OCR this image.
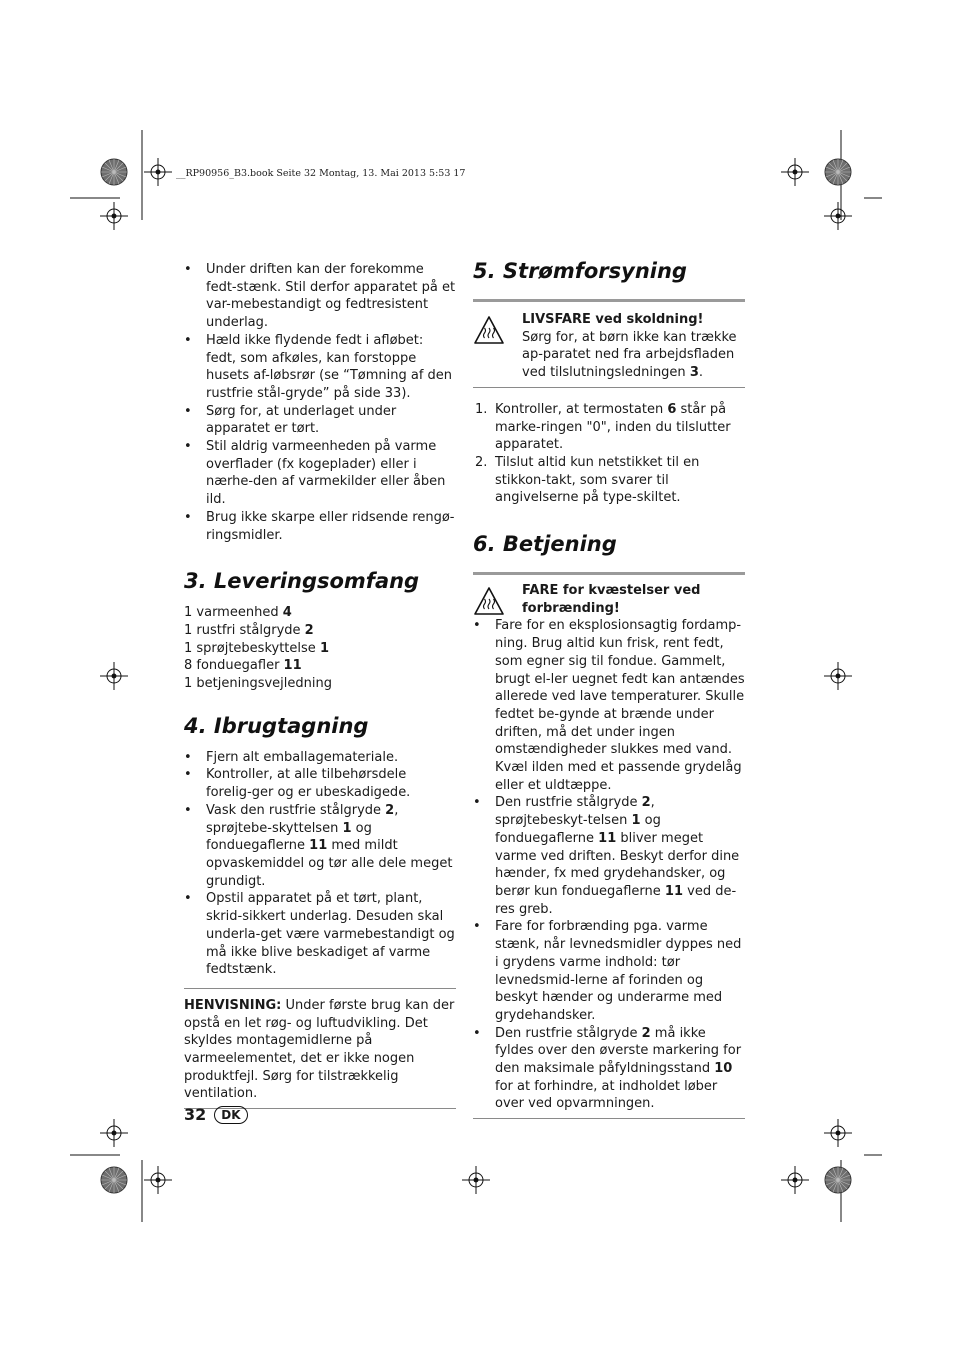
__RP90956_B3.book Seite 32 Montag, 13. Mai 2013 5:53 17
• Under driften kan der forekomme fedt-stænk. Stil derfor apparatet på et var-mebestandigt og fedtresistent underlag.
• Hæld ikke flydende fedt i afløbet: fedt, som afkøles, kan forstoppe husets af-løbsrør (se “Tømning af den rustfrie stål-gryde” på side 33).
• Sørg for, at underlaget under apparatet er tørt.
• Stil aldrig varmeenheden på varme overflader (fx kogeplader) eller i nærhe-den af varmekilder eller åben ild.
• Brug ikke skarpe eller ridsende rengø-ringsmidler.
3. Leveringsomfang
1 varmeenhed 4
1 rustfri stålgryde 2
1 sprøjtebeskyttelse 1
8 fonduegafler 11
1 betjeningsvejledning
4. Ibrugtagning
• Fjern alt emballagemateriale.
• Kontroller, at alle tilbehørsdele forelig-ger og er ubeskadigede.
• Vask den rustfrie stålgryde 2, sprøjtebe-skyttelsen 1 og fonduegaflerne 11 med mildt opvaskemiddel og tør alle dele meget grundigt.
• Opstil apparatet på et tørt, plant, skrid-sikkert underlag. Desuden skal underla-get være varmebestandigt og må ikke blive beskadiget af varme fedtstænk.

HENVISNING: Under første brug kan der opstå en let røg- og luftudvikling. Det skyldes montagemidlerne på varmeelementet, det er ikke nogen produktfejl. Sørg for tilstrækkelig ventilation.

5. Strømforsyning
LIVSFARE ved skoldning!
Sørg for, at børn ikke kan trække ap-paratet ned fra arbejdsfladen ved tilslutningsledningen 3.
1. Kontroller, at termostaten 6 står på marke-ringen "0", inden du tilslutter apparatet.
2. Tilslut altid kun netstikket til en stikkon-takt, som svarer til angivelserne på type-skiltet.
6. Betjening
FARE for kvæstelser ved forbrænding!
• Fare for en eksplosionsagtig fordamp-ning. Brug altid kun frisk, rent fedt, som egner sig til fondue. Gammelt, brugt el-ler uegnet fedt kan antændes allerede ved lave temperaturer. Skulle fedtet be-gynde at brænde under driften, må det under ingen omstændigheder slukkes med vand. Kvæl ilden med et passende grydelåg eller et uldtæppe.
• Den rustfrie stålgryde 2, sprøjtebeskyt-telsen 1 og fonduegaflerne 11 bliver meget varme ved driften. Beskyt derfor dine hænder, fx med grydehandsker, og berør kun fonduegaflerne 11 ved de-res greb.
• Fare for forbrænding pga. varme stænk, når levnedsmidler dyppes ned i grydens varme indhold: tør levnedsmid-lerne af forinden og beskyt hænder og underarme med grydehandsker.
• Den rustfrie stålgryde 2 må ikke fyldes over den øverste markering for den maksimale påfyldningsstand 10 for at forhindre, at indholdet løber over ved opvarmningen.
32	DK
